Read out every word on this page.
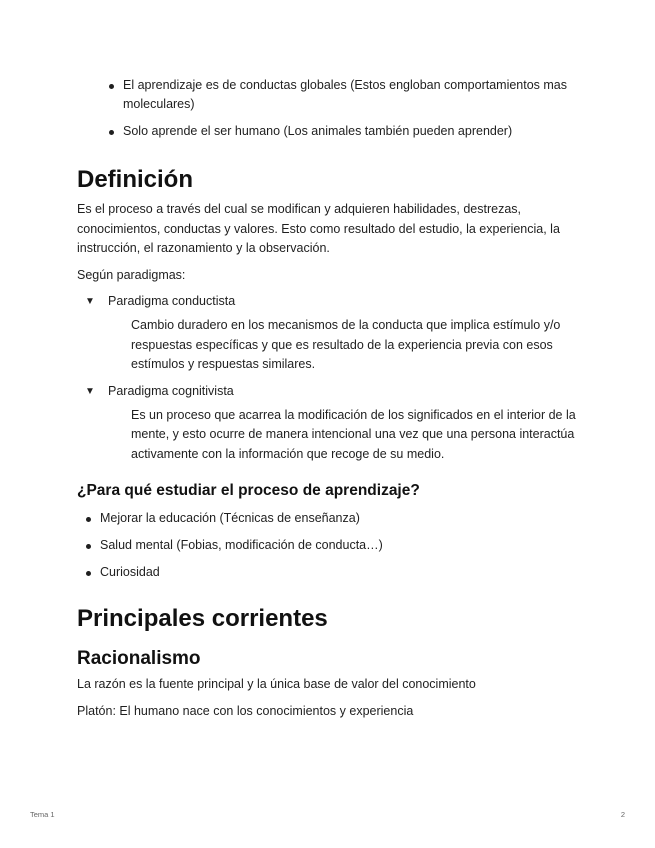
El aprendizaje es de conductas globales (Estos engloban comportamientos mas moleculares)
Solo aprende el ser humano (Los animales también pueden aprender)
Definición

Es el proceso a través del cual se modifican y adquieren habilidades, destrezas, conocimientos, conductas y valores. Esto como resultado del estudio, la experiencia, la instrucción, el razonamiento y la observación.

Según paradigmas:

▼ Paradigma conductista

Cambio duradero en los mecanismos de la conducta que implica estímulo y/o respuestas específicas y que es resultado de la experiencia previa con esos estímulos y respuestas similares.

▼ Paradigma cognitivista

Es un proceso que acarrea la modificación de los significados en el interior de la mente, y esto ocurre de manera intencional una vez que una persona interactúa activamente con la información que recoge de su medio.

¿Para qué estudiar el proceso de aprendizaje?
Mejorar la educación (Técnicas de enseñanza)
Salud mental (Fobias, modificación de conducta…)
Curiosidad
Principales corrientes
Racionalismo

La razón es la fuente principal y la única base de valor del conocimiento

Platón: El humano nace con los conocimientos y experiencia

Tema 1	2
